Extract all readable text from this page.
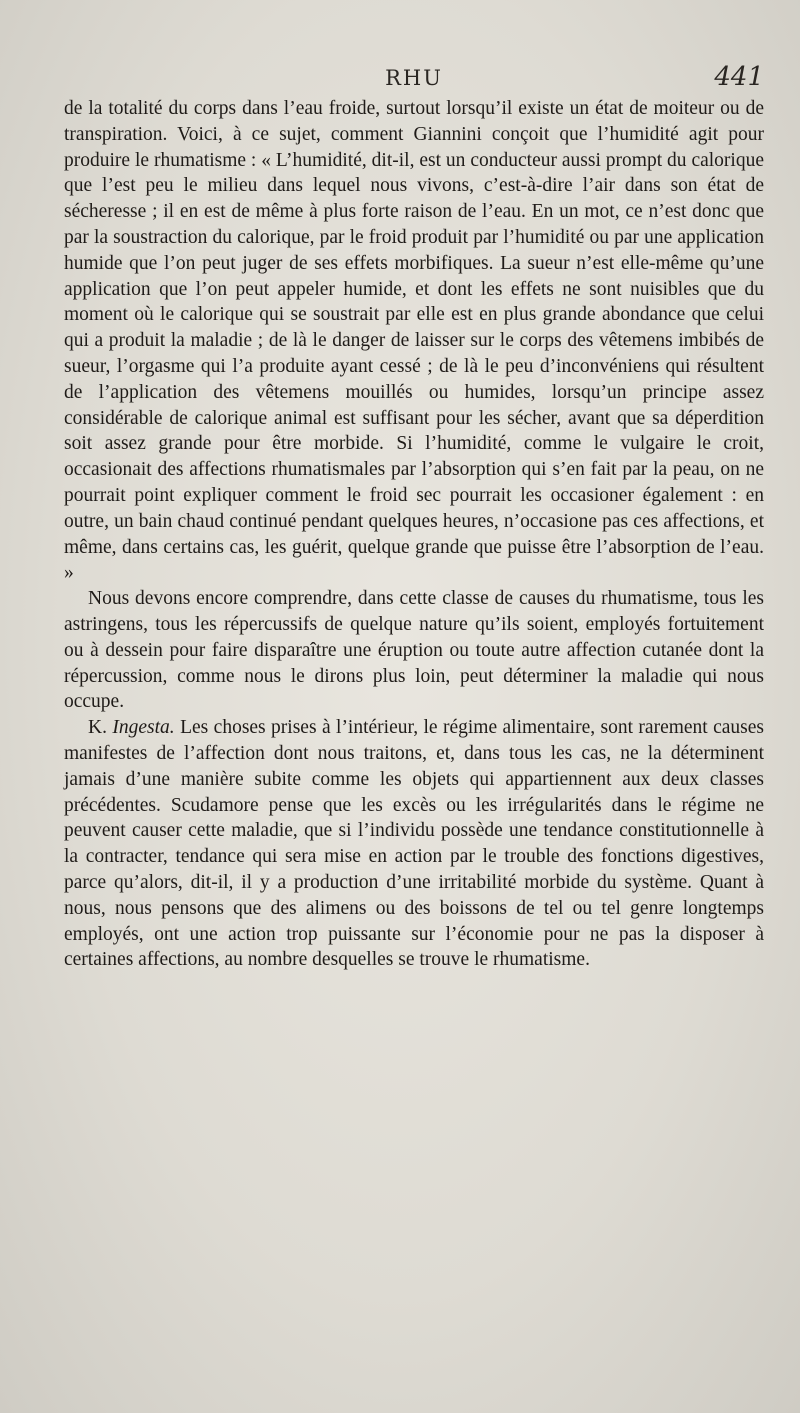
RHU	441

de la totalité du corps dans l’eau froide, surtout lorsqu’il existe un état de moiteur ou de transpiration. Voici, à ce sujet, comment Giannini conçoit que l’humidité agit pour produire le rhumatisme : « L’humidité, dit-il, est un conducteur aussi prompt du calorique que l’est peu le milieu dans lequel nous vivons, c’est-à-dire l’air dans son état de sécheresse ; il en est de même à plus forte raison de l’eau. En un mot, ce n’est donc que par la soustraction du calorique, par le froid produit par l’humidité ou par une application humide que l’on peut juger de ses effets morbifiques. La sueur n’est elle-même qu’une application que l’on peut appeler humide, et dont les effets ne sont nuisibles que du moment où le calorique qui se soustrait par elle est en plus grande abondance que celui qui a produit la maladie ; de là le danger de laisser sur le corps des vêtemens imbibés de sueur, l’orgasme qui l’a produite ayant cessé ; de là le peu d’inconvéniens qui résultent de l’application des vêtemens mouillés ou humides, lorsqu’un principe assez considérable de calorique animal est suffisant pour les sécher, avant que sa déperdition soit assez grande pour être morbide. Si l’humidité, comme le vulgaire le croit, occasionait des affections rhumatismales par l’absorption qui s’en fait par la peau, on ne pourrait point expliquer comment le froid sec pourrait les occasioner également : en outre, un bain chaud continué pendant quelques heures, n’occasione pas ces affections, et même, dans certains cas, les guérit, quelque grande que puisse être l’absorption de l’eau. »

Nous devons encore comprendre, dans cette classe de causes du rhumatisme, tous les astringens, tous les répercussifs de quelque nature qu’ils soient, employés fortuitement ou à dessein pour faire disparaître une éruption ou toute autre affection cutanée dont la répercussion, comme nous le dirons plus loin, peut déterminer la maladie qui nous occupe.

K. Ingesta. Les choses prises à l’intérieur, le régime alimentaire, sont rarement causes manifestes de l’affection dont nous traitons, et, dans tous les cas, ne la déterminent jamais d’une manière subite comme les objets qui appartiennent aux deux classes précédentes. Scudamore pense que les excès ou les irrégularités dans le régime ne peuvent causer cette maladie, que si l’individu possède une tendance constitutionnelle à la contracter, tendance qui sera mise en action par le trouble des fonctions digestives, parce qu’alors, dit-il, il y a production d’une irritabilité morbide du système. Quant à nous, nous pensons que des alimens ou des boissons de tel ou tel genre longtemps employés, ont une action trop puissante sur l’économie pour ne pas la disposer à certaines affections, au nombre desquelles se trouve le rhumatisme.
